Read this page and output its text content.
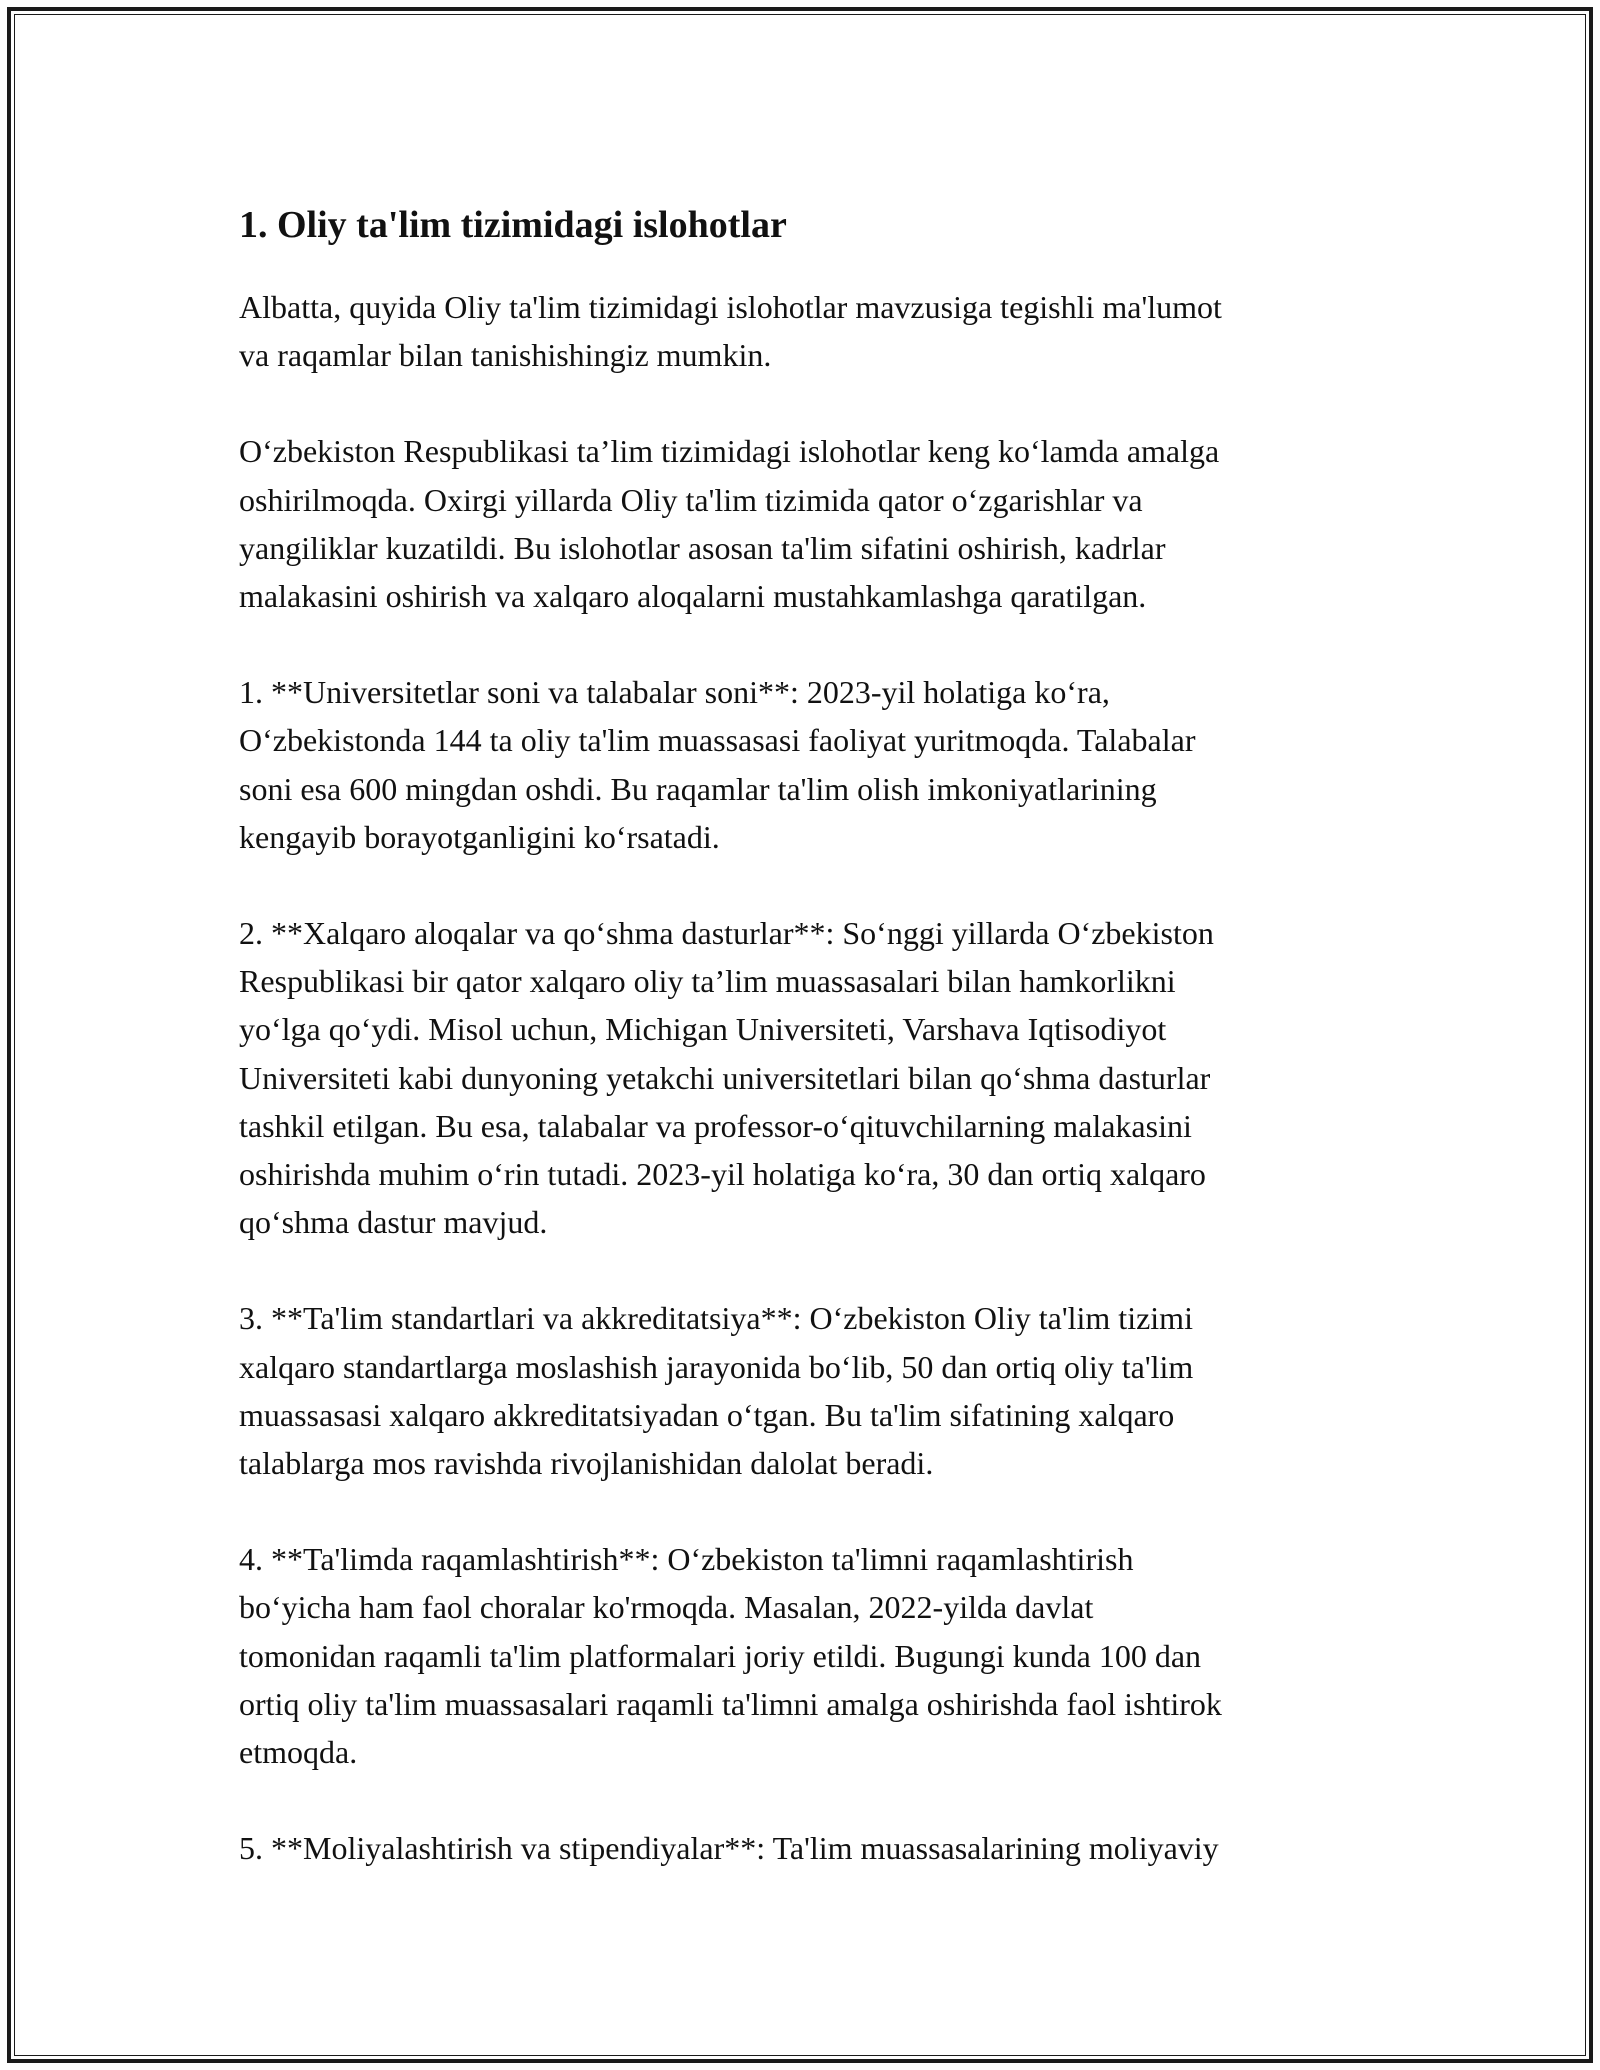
1. Oliy ta'lim tizimidagi islohotlar

Albatta, quyida Oliy ta'lim tizimidagi islohotlar mavzusiga tegishli ma'lumot
va raqamlar bilan tanishishingiz mumkin.

Oʻzbekiston Respublikasi ta’lim tizimidagi islohotlar keng koʻlamda amalga
oshirilmoqda. Oxirgi yillarda Oliy ta'lim tizimida qator oʻzgarishlar va
yangiliklar kuzatildi. Bu islohotlar asosan ta'lim sifatini oshirish, kadrlar
malakasini oshirish va xalqaro aloqalarni mustahkamlashga qaratilgan.

1. **Universitetlar soni va talabalar soni**: 2023-yil holatiga koʻra,
Oʻzbekistonda 144 ta oliy ta'lim muassasasi faoliyat yuritmoqda. Talabalar
soni esa 600 mingdan oshdi. Bu raqamlar ta'lim olish imkoniyatlarining
kengayib borayotganligini koʻrsatadi.

2. **Xalqaro aloqalar va qoʻshma dasturlar**: Soʻnggi yillarda Oʻzbekiston
Respublikasi bir qator xalqaro oliy ta’lim muassasalari bilan hamkorlikni
yoʻlga qoʻydi. Misol uchun, Michigan Universiteti, Varshava Iqtisodiyot
Universiteti kabi dunyoning yetakchi universitetlari bilan qoʻshma dasturlar
tashkil etilgan. Bu esa, talabalar va professor-oʻqituvchilarning malakasini
oshirishda muhim oʻrin tutadi. 2023-yil holatiga koʻra, 30 dan ortiq xalqaro
qoʻshma dastur mavjud.

3. **Ta'lim standartlari va akkreditatsiya**: Oʻzbekiston Oliy ta'lim tizimi
xalqaro standartlarga moslashish jarayonida boʻlib, 50 dan ortiq oliy ta'lim
muassasasi xalqaro akkreditatsiyadan oʻtgan. Bu ta'lim sifatining xalqaro
talablarga mos ravishda rivojlanishidan dalolat beradi.

4. **Ta'limda raqamlashtirish**: Oʻzbekiston ta'limni raqamlashtirish
boʻyicha ham faol choralar ko'rmoqda. Masalan, 2022-yilda davlat
tomonidan raqamli ta'lim platformalari joriy etildi. Bugungi kunda 100 dan
ortiq oliy ta'lim muassasalari raqamli ta'limni amalga oshirishda faol ishtirok
etmoqda.

5. **Moliyalashtirish va stipendiyalar**: Ta'lim muassasalarining moliyaviy
